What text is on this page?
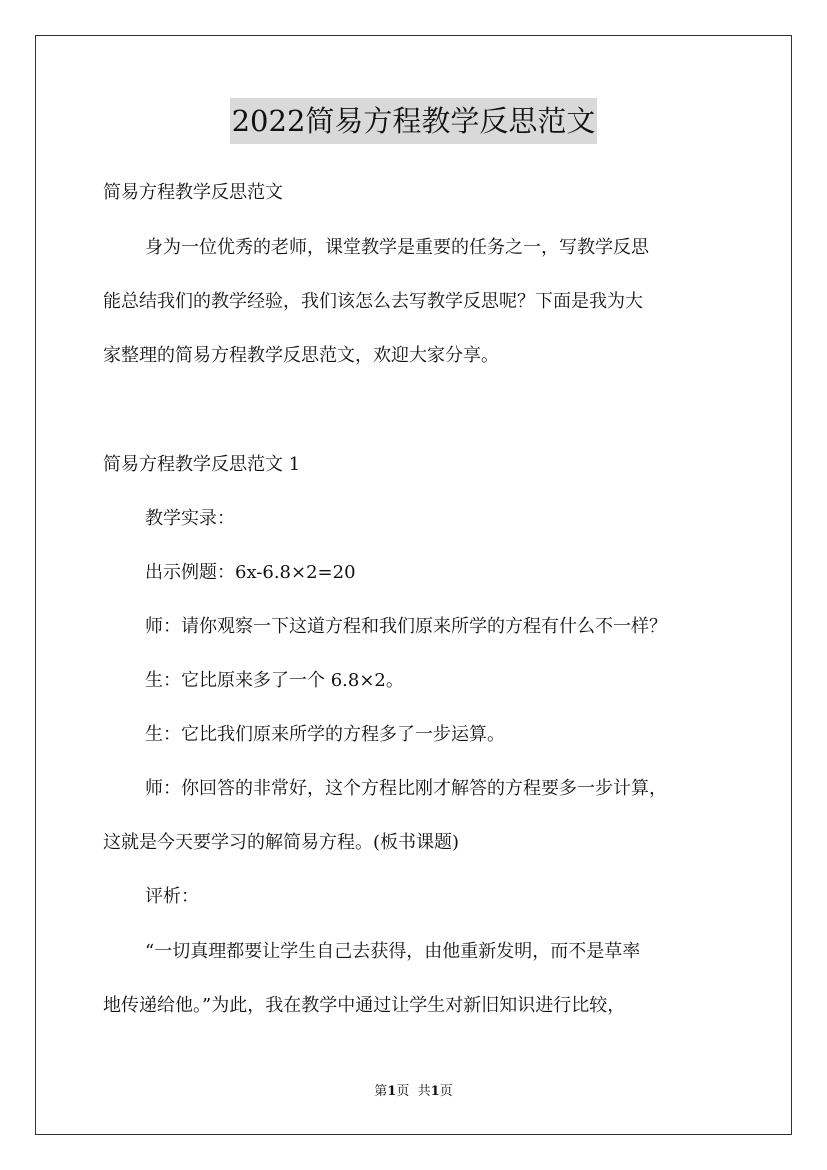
2022简易方程教学反思范文
简易方程教学反思范文
身为一位优秀的老师，课堂教学是重要的任务之一，写教学反思
能总结我们的教学经验，我们该怎么去写教学反思呢？下面是我为大
家整理的简易方程教学反思范文，欢迎大家分享。
简易方程教学反思范文 1
教学实录：
出示例题：6x-6.8×2=20
师：请你观察一下这道方程和我们原来所学的方程有什么不一样？
生：它比原来多了一个 6.8×2。
生：它比我们原来所学的方程多了一步运算。
师：你回答的非常好，这个方程比刚才解答的方程要多一步计算，
这就是今天要学习的解简易方程。(板书课题)
评析：
“一切真理都要让学生自己去获得，由他重新发明，而不是草率
地传递给他。”为此，我在教学中通过让学生对新旧知识进行比较，
第1页 共1页
